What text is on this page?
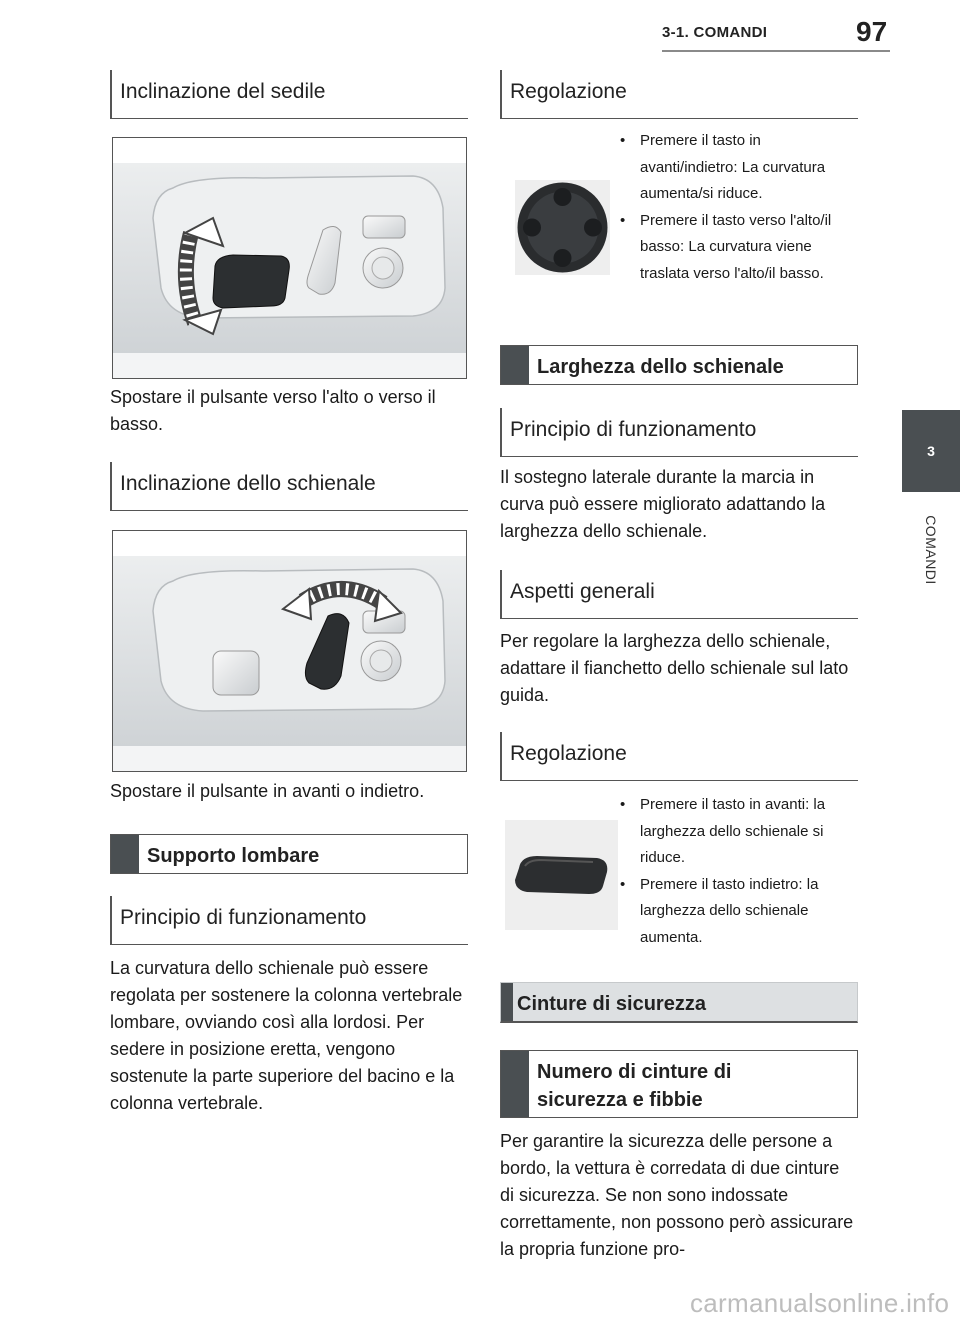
3-1. COMANDI	97
3
COMANDI
Inclinazione del sedile
Spostare il pulsante verso l'alto o verso il basso.
Inclinazione dello schienale
Spostare il pulsante in avanti o indietro.
Supporto lombare
Principio di funzionamento
La curvatura dello schienale può essere regolata per sostenere la colonna vertebrale lombare, ovviando così alla lordosi. Per sedere in posizione eretta, vengono sostenute la parte superiore del bacino e la colonna vertebrale.
Regolazione
• Premere il tasto in avanti/indietro: La curvatura aumenta/si riduce.
• Premere il tasto verso l'alto/il basso: La curvatura viene traslata verso l'alto/il basso.
Larghezza dello schienale
Principio di funzionamento
Il sostegno laterale durante la marcia in curva può essere migliorato adattando la larghezza dello schienale.
Aspetti generali
Per regolare la larghezza dello schienale, adattare il fianchetto dello schienale sul lato guida.
Regolazione
• Premere il tasto in avanti: la larghezza dello schienale si riduce.
• Premere il tasto indietro: la larghezza dello schienale aumenta.
Cinture di sicurezza
Numero di cinture di sicurezza e fibbie
Per garantire la sicurezza delle persone a bordo, la vettura è corredata di due cinture di sicurezza. Se non sono indossate correttamente, non possono però assicurare la propria funzione pro-
carmanualsonline.info
